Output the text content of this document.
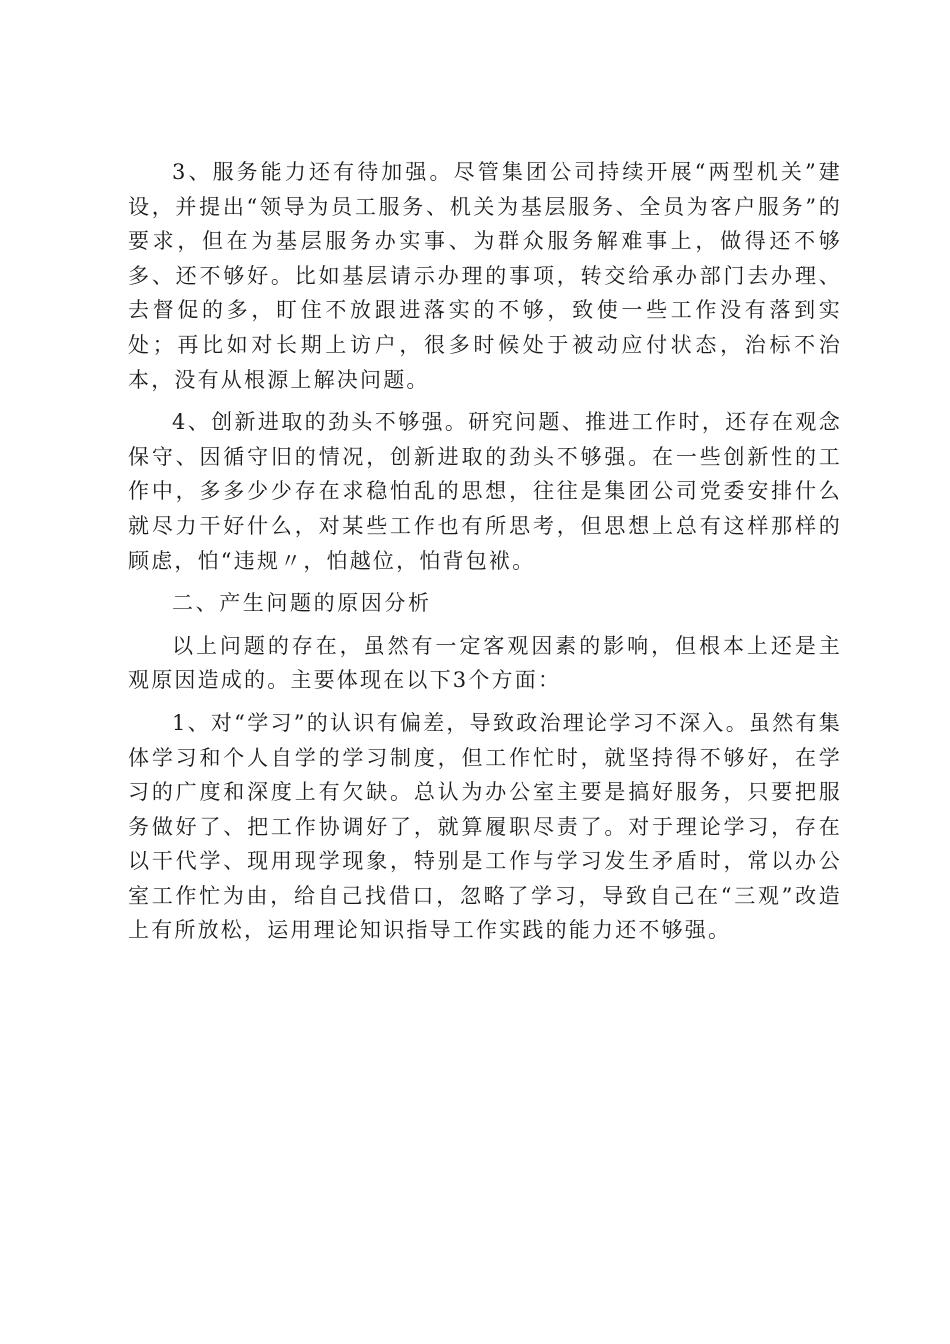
3、服务能力还有待加强。尽管集团公司持续开展“两型机关”建设，并提出“领导为员工服务、机关为基层服务、全员为客户服务”的要求，但在为基层服务办实事、为群众服务解难事上，做得还不够多、还不够好。比如基层请示办理的事项，转交给承办部门去办理、去督促的多，盯住不放跟进落实的不够，致使一些工作没有落到实处；再比如对长期上访户，很多时候处于被动应付状态，治标不治本，没有从根源上解决问题。

4、创新进取的劲头不够强。研究问题、推进工作时，还存在观念保守、因循守旧的情况，创新进取的劲头不够强。在一些创新性的工作中，多多少少存在求稳怕乱的思想，往往是集团公司党委安排什么就尽力干好什么，对某些工作也有所思考，但思想上总有这样那样的顾虑，怕“违规〃，怕越位，怕背包袱。

二、产生问题的原因分析

以上问题的存在，虽然有一定客观因素的影响，但根本上还是主观原因造成的。主要体现在以下3个方面：

1、对“学习”的认识有偏差，导致政治理论学习不深入。虽然有集体学习和个人自学的学习制度，但工作忙时，就坚持得不够好，在学习的广度和深度上有欠缺。总认为办公室主要是搞好服务，只要把服务做好了、把工作协调好了，就算履职尽责了。对于理论学习，存在以干代学、现用现学现象，特别是工作与学习发生矛盾时，常以办公室工作忙为由，给自己找借口，忽略了学习，导致自己在“三观”改造上有所放松，运用理论知识指导工作实践的能力还不够强。
